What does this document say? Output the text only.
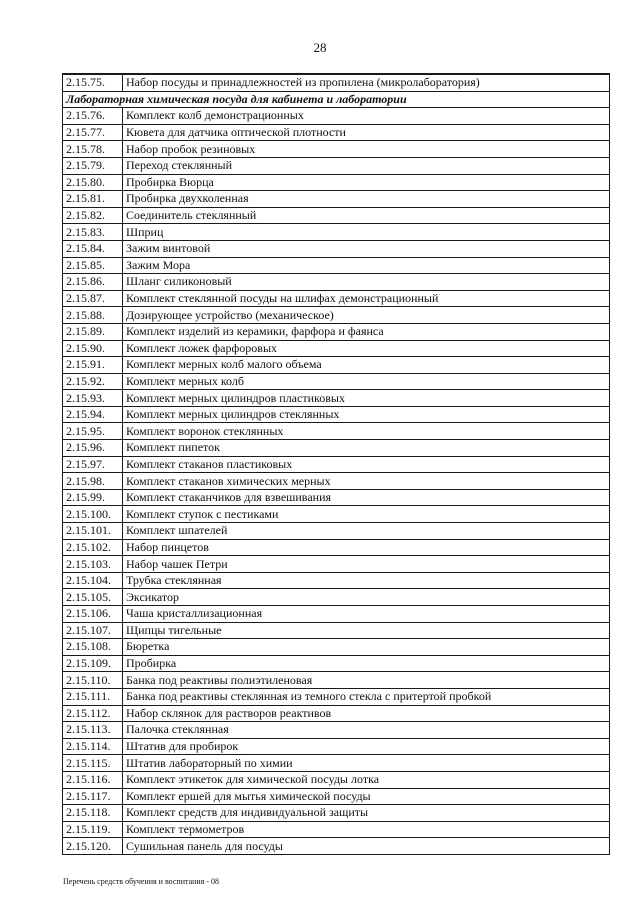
28
2.15.75.	Набор посуды и принадлежностей из пропилена (микролаборатория)
Лабораторная химическая посуда для кабинета и лаборатории	
2.15.76.	Комплект колб демонстрационных
2.15.77.	Кювета для датчика оптической плотности
2.15.78.	Набор пробок резиновых
2.15.79.	Переход стеклянный
2.15.80.	Пробирка Вюрца
2.15.81.	Пробирка двухколенная
2.15.82.	Соединитель стеклянный
2.15.83.	Шприц
2.15.84.	Зажим винтовой
2.15.85.	Зажим Мора
2.15.86.	Шланг силиконовый
2.15.87.	Комплект стеклянной посуды на шлифах демонстрационный
2.15.88.	Дозирующее устройство (механическое)
2.15.89.	Комплект изделий из керамики, фарфора и фаянса
2.15.90.	Комплект ложек фарфоровых
2.15.91.	Комплект мерных колб малого объема
2.15.92.	Комплект мерных колб
2.15.93.	Комплект мерных цилиндров пластиковых
2.15.94.	Комплект мерных цилиндров стеклянных
2.15.95.	Комплект воронок стеклянных
2.15.96.	Комплект пипеток
2.15.97.	Комплект стаканов пластиковых
2.15.98.	Комплект стаканов химических мерных
2.15.99.	Комплект стаканчиков для взвешивания
2.15.100.	Комплект ступок с пестиками
2.15.101.	Комплект шпателей
2.15.102.	Набор пинцетов
2.15.103.	Набор чашек Петри
2.15.104.	Трубка стеклянная
2.15.105.	Эксикатор
2.15.106.	Чаша кристаллизационная
2.15.107.	Щипцы тигельные
2.15.108.	Бюретка
2.15.109.	Пробирка
2.15.110.	Банка под реактивы полиэтиленовая
2.15.111.	Банка под реактивы стеклянная из темного стекла с притертой пробкой
2.15.112.	Набор склянок для растворов реактивов
2.15.113.	Палочка стеклянная
2.15.114.	Штатив для пробирок
2.15.115.	Штатив лабораторный по химии
2.15.116.	Комплект этикеток для химической посуды лотка
2.15.117.	Комплект ершей для мытья химической посуды
2.15.118.	Комплект средств для индивидуальной защиты
2.15.119.	Комплект термометров
2.15.120.	Сушильная панель для посуды
Перечень средств обучения и воспитания - 08
